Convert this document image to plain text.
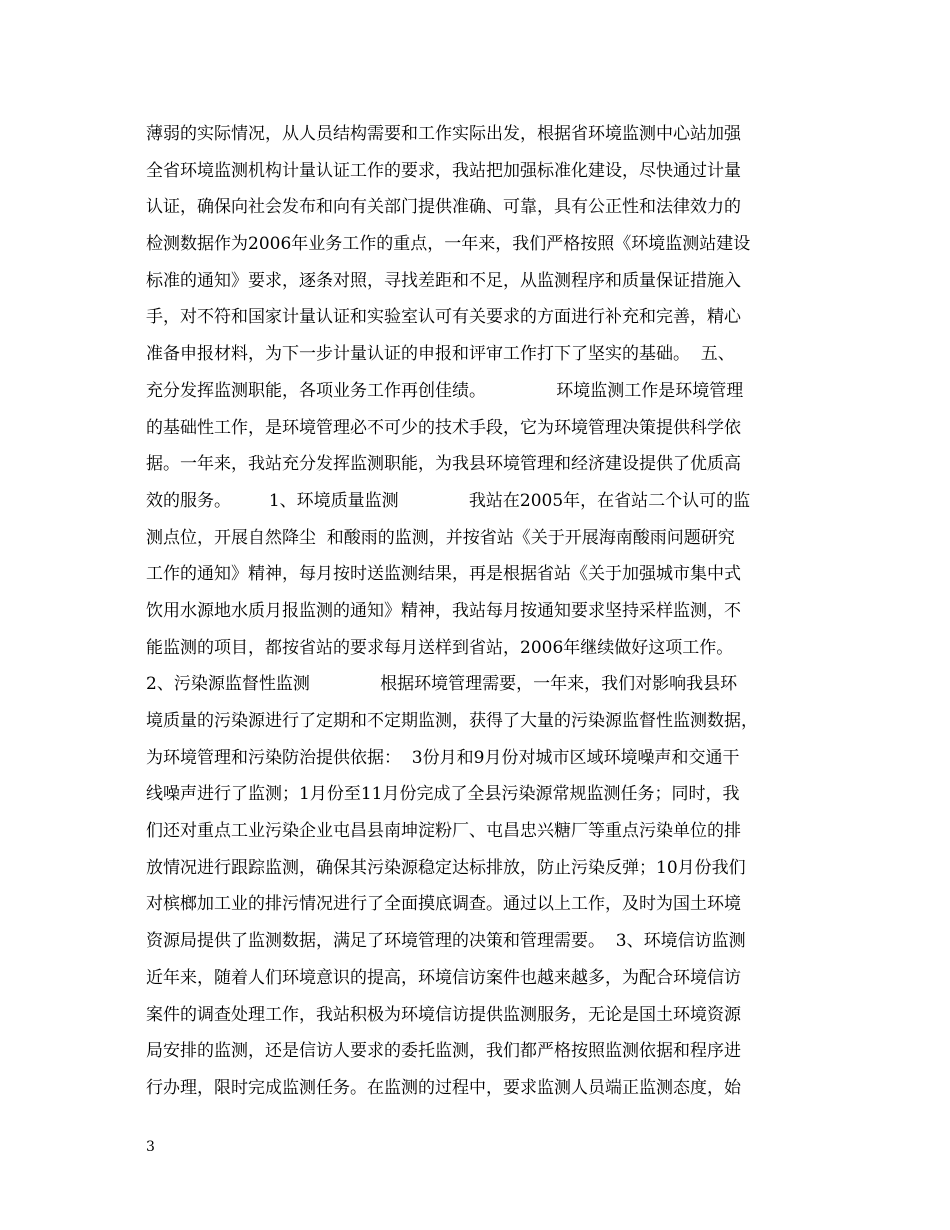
薄弱的实际情况，从人员结构需要和工作实际出发，根据省环境监测中心站加强
全省环境监测机构计量认证工作的要求，我站把加强标准化建设，尽快通过计量
认证，确保向社会发布和向有关部门提供准确、可靠，具有公正性和法律效力的
检测数据作为2006年业务工作的重点，一年来，我们严格按照《环境监测站建设
标准的通知》要求，逐条对照，寻找差距和不足，从监测程序和质量保证措施入
手，对不符和国家计量认证和实验室认可有关要求的方面进行补充和完善，精心
准备申报材料，为下一步计量认证的申报和评审工作打下了坚实的基础。  五、
充分发挥监测职能，各项业务工作再创佳绩。             环境监测工作是环境管理
的基础性工作，是环境管理必不可少的技术手段，它为环境管理决策提供科学依
据。一年来，我站充分发挥监测职能，为我县环境管理和经济建设提供了优质高
效的服务。       1、环境质量监测             我站在2005年，在省站二个认可的监
测点位，开展自然降尘  和酸雨的监测，并按省站《关于开展海南酸雨问题研究
工作的通知》精神，每月按时送监测结果，再是根据省站《关于加强城市集中式
饮用水源地水质月报监测的通知》精神，我站每月按通知要求坚持采样监测，不
能监测的项目，都按省站的要求每月送样到省站，2006年继续做好这项工作。
2、污染源监督性监测             根据环境管理需要，一年来，我们对影响我县环
境质量的污染源进行了定期和不定期监测，获得了大量的污染源监督性监测数据，
为环境管理和污染防治提供依据：  3份月和9月份对城市区域环境噪声和交通干
线噪声进行了监测；1月份至11月份完成了全县污染源常规监测任务；同时，我
们还对重点工业污染企业屯昌县南坤淀粉厂、屯昌忠兴糖厂等重点污染单位的排
放情况进行跟踪监测，确保其污染源稳定达标排放，防止污染反弹；10月份我们
对槟榔加工业的排污情况进行了全面摸底调查。通过以上工作，及时为国土环境
资源局提供了监测数据，满足了环境管理的决策和管理需要。  3、环境信访监测
近年来，随着人们环境意识的提高，环境信访案件也越来越多，为配合环境信访
案件的调查处理工作，我站积极为环境信访提供监测服务，无论是国土环境资源
局安排的监测，还是信访人要求的委托监测，我们都严格按照监测依据和程序进
行办理，限时完成监测任务。在监测的过程中，要求监测人员端正监测态度，始
3
